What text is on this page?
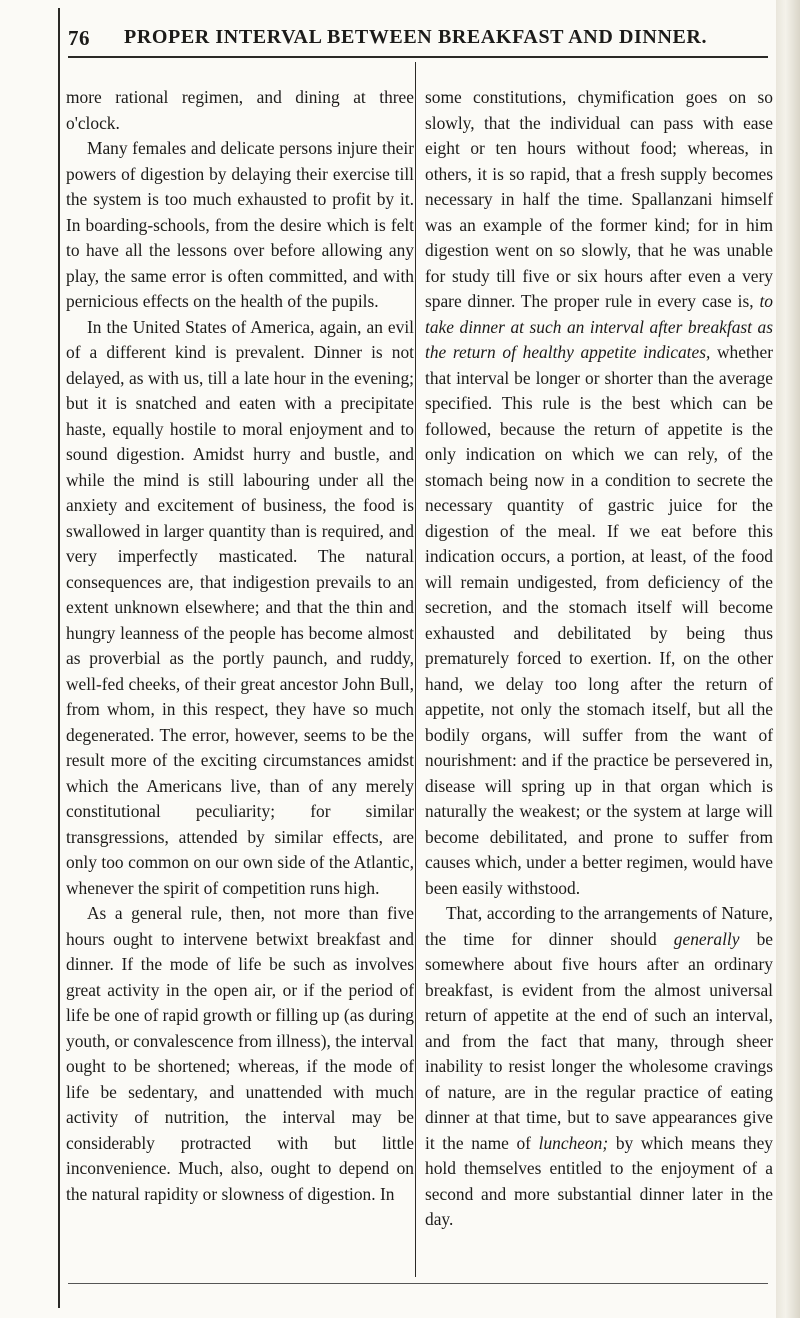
76 PROPER INTERVAL BETWEEN BREAKFAST AND DINNER.

more rational regimen, and dining at three o'clock.

Many females and delicate persons injure their powers of digestion by delaying their exercise till the system is too much exhausted to profit by it. In boarding-schools, from the desire which is felt to have all the lessons over before allowing any play, the same error is often committed, and with pernicious effects on the health of the pupils.

In the United States of America, again, an evil of a different kind is prevalent. Dinner is not delayed, as with us, till a late hour in the evening; but it is snatched and eaten with a precipitate haste, equally hostile to moral enjoyment and to sound digestion. Amidst hurry and bustle, and while the mind is still labouring under all the anxiety and excitement of business, the food is swallowed in larger quantity than is required, and very imperfectly masticated. The natural consequences are, that indigestion prevails to an extent unknown elsewhere; and that the thin and hungry leanness of the people has become almost as proverbial as the portly paunch, and ruddy, well-fed cheeks, of their great ancestor John Bull, from whom, in this respect, they have so much degenerated. The error, however, seems to be the result more of the exciting circumstances amidst which the Americans live, than of any merely constitutional peculiarity; for similar transgressions, attended by similar effects, are only too common on our own side of the Atlantic, whenever the spirit of competition runs high.

As a general rule, then, not more than five hours ought to intervene betwixt breakfast and dinner. If the mode of life be such as involves great activity in the open air, or if the period of life be one of rapid growth or filling up (as during youth, or convalescence from illness), the interval ought to be shortened; whereas, if the mode of life be sedentary, and unattended with much activity of nutrition, the interval may be considerably protracted with but little inconvenience. Much, also, ought to depend on the natural rapidity or slowness of digestion. In

some constitutions, chymification goes on so slowly, that the individual can pass with ease eight or ten hours without food; whereas, in others, it is so rapid, that a fresh supply becomes necessary in half the time. Spallanzani himself was an example of the former kind; for in him digestion went on so slowly, that he was unable for study till five or six hours after even a very spare dinner. The proper rule in every case is, to take dinner at such an interval after breakfast as the return of healthy appetite indicates, whether that interval be longer or shorter than the average specified. This rule is the best which can be followed, because the return of appetite is the only indication on which we can rely, of the stomach being now in a condition to secrete the necessary quantity of gastric juice for the digestion of the meal. If we eat before this indication occurs, a portion, at least, of the food will remain undigested, from deficiency of the secretion, and the stomach itself will become exhausted and debilitated by being thus prematurely forced to exertion. If, on the other hand, we delay too long after the return of appetite, not only the stomach itself, but all the bodily organs, will suffer from the want of nourishment: and if the practice be persevered in, disease will spring up in that organ which is naturally the weakest; or the system at large will become debilitated, and prone to suffer from causes which, under a better regimen, would have been easily withstood.

That, according to the arrangements of Nature, the time for dinner should generally be somewhere about five hours after an ordinary breakfast, is evident from the almost universal return of appetite at the end of such an interval, and from the fact that many, through sheer inability to resist longer the wholesome cravings of nature, are in the regular practice of eating dinner at that time, but to save appearances give it the name of luncheon; by which means they hold themselves entitled to the enjoyment of a second and more substantial dinner later in the day.
